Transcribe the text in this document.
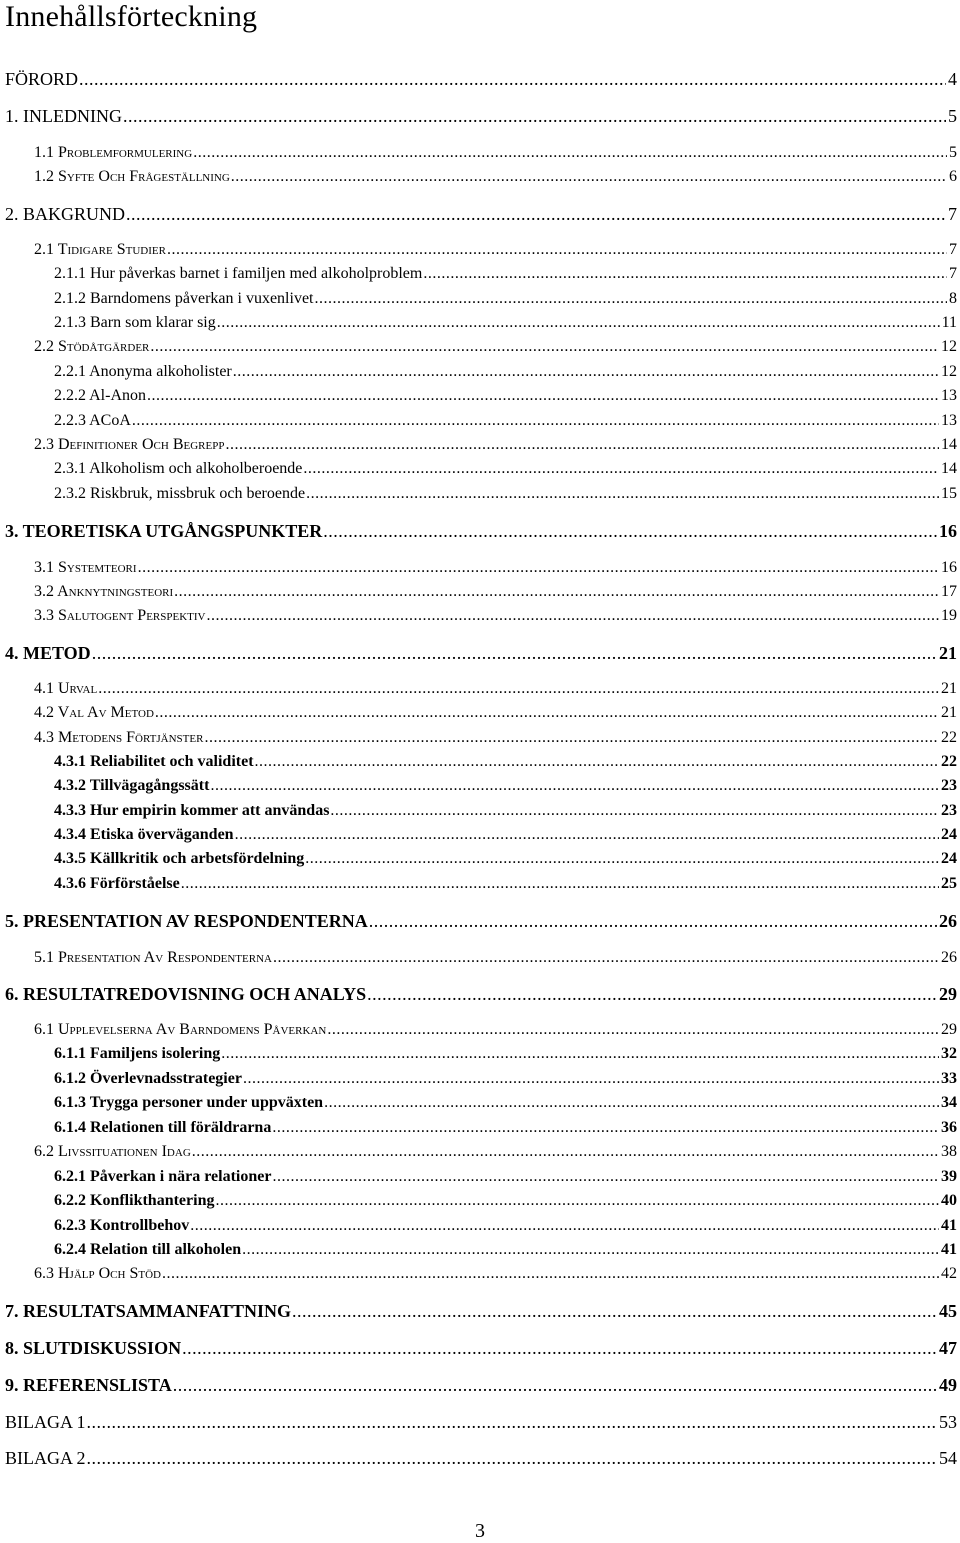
Innehållsförteckning
FÖRORD .....	4
1. INLEDNING .....	5
1.1 Problemformulering .....	5
1.2 Syfte Och Frågeställning .....	6
2. BAKGRUND .....	7
2.1 Tidigare Studier .....	7
2.1.1 Hur påverkas barnet i familjen med alkoholproblem .....	7
2.1.2 Barndomens påverkan i vuxenlivet .....	8
2.1.3 Barn som klarar sig .....	11
2.2 Stödåtgärder .....	12
2.2.1 Anonyma alkoholister .....	12
2.2.2 Al-Anon .....	13
2.2.3 ACoA .....	13
2.3 Definitioner Och Begrepp .....	14
2.3.1 Alkoholism och alkoholberoende .....	14
2.3.2 Riskbruk, missbruk och beroende .....	15
3. TEORETISKA UTGÅNGSPUNKTER .....	16
3.1 Systemteori .....	16
3.2 Anknytningsteori .....	17
3.3 Salutogent Perspektiv .....	19
4. METOD .....	21
4.1 Urval .....	21
4.2 Val Av Metod .....	21
4.3 Metodens Förtjänster .....	22
4.3.1 Reliabilitet och validitet .....	22
4.3.2 Tillvägagångssätt .....	23
4.3.3 Hur empirin kommer att användas .....	23
4.3.4 Etiska överväganden .....	24
4.3.5 Källkritik och arbetsfördelning .....	24
4.3.6 Förförståelse .....	25
5. PRESENTATION AV RESPONDENTERNA .....	26
5.1 Presentation Av Respondenterna .....	26
6. RESULTATREDOVISNING OCH ANALYS .....	29
6.1 Upplevelserna Av Barndomens Påverkan .....	29
6.1.1 Familjens isolering .....	32
6.1.2 Överlevnadsstrategier .....	33
6.1.3 Trygga personer under uppväxten .....	34
6.1.4 Relationen till föräldrarna .....	36
6.2 Livssituationen Idag .....	38
6.2.1 Påverkan i nära relationer .....	39
6.2.2 Konflikthantering .....	40
6.2.3 Kontrollbehov .....	41
6.2.4 Relation till alkoholen .....	41
6.3 Hjälp Och Stöd .....	42
7. RESULTATSAMMANFATTNING .....	45
8. SLUTDISKUSSION .....	47
9. REFERENSLISTA .....	49
BILAGA 1 .....	53
BILAGA 2 .....	54
3
